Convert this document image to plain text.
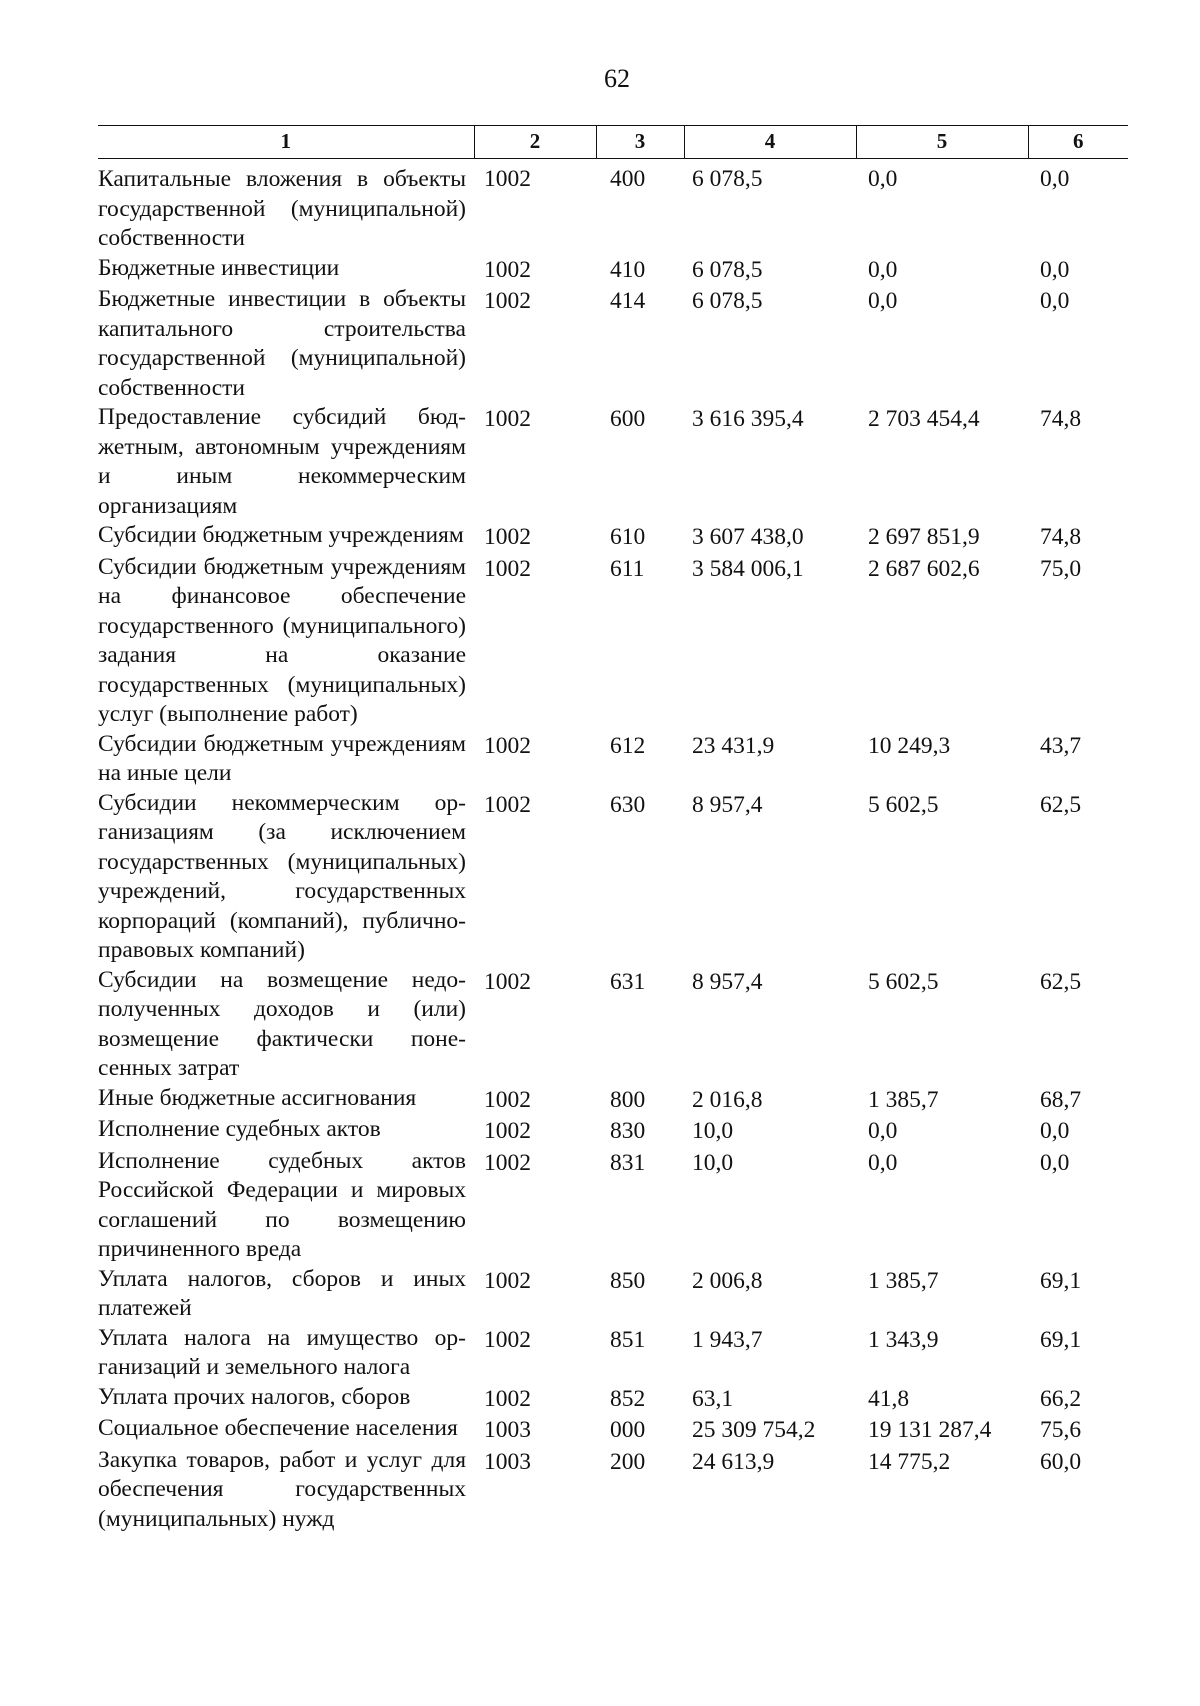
62
1	2	3	4	5	6
Капитальные вложения в объекты государственной (муниципальной) собственности	1002	400	6 078,5	0,0	0,0
Бюджетные инвестиции	1002	410	6 078,5	0,0	0,0
Бюджетные инвестиции в объекты капитального строительства государственной (муниципальной) собственности	1002	414	6 078,5	0,0	0,0
Предоставление субсидий бюджетным, автономным учреждениям и иным некоммерческим организациям	1002	600	3 616 395,4	2 703 454,4	74,8
Субсидии бюджетным учреждениям	1002	610	3 607 438,0	2 697 851,9	74,8
Субсидии бюджетным учреждениям на финансовое обеспечение государственного (муниципального) задания на оказание государственных (муниципальных) услуг (выполнение работ)	1002	611	3 584 006,1	2 687 602,6	75,0
Субсидии бюджетным учреждениям на иные цели	1002	612	23 431,9	10 249,3	43,7
Субсидии некоммерческим организациям (за исключением государственных (муниципальных) учреждений, государственных корпораций (компаний), публично-правовых компаний)	1002	630	8 957,4	5 602,5	62,5
Субсидии на возмещение недополученных доходов и (или) возмещение фактически понесенных затрат	1002	631	8 957,4	5 602,5	62,5
Иные бюджетные ассигнования	1002	800	2 016,8	1 385,7	68,7
Исполнение судебных актов	1002	830	10,0	0,0	0,0
Исполнение судебных актов Российской Федерации и мировых соглашений по возмещению причиненного вреда	1002	831	10,0	0,0	0,0
Уплата налогов, сборов и иных платежей	1002	850	2 006,8	1 385,7	69,1
Уплата налога на имущество организаций и земельного налога	1002	851	1 943,7	1 343,9	69,1
Уплата прочих налогов, сборов	1002	852	63,1	41,8	66,2
Социальное обеспечение населения	1003	000	25 309 754,2	19 131 287,4	75,6
Закупка товаров, работ и услуг для обеспечения государственных (муниципальных) нужд	1003	200	24 613,9	14 775,2	60,0
